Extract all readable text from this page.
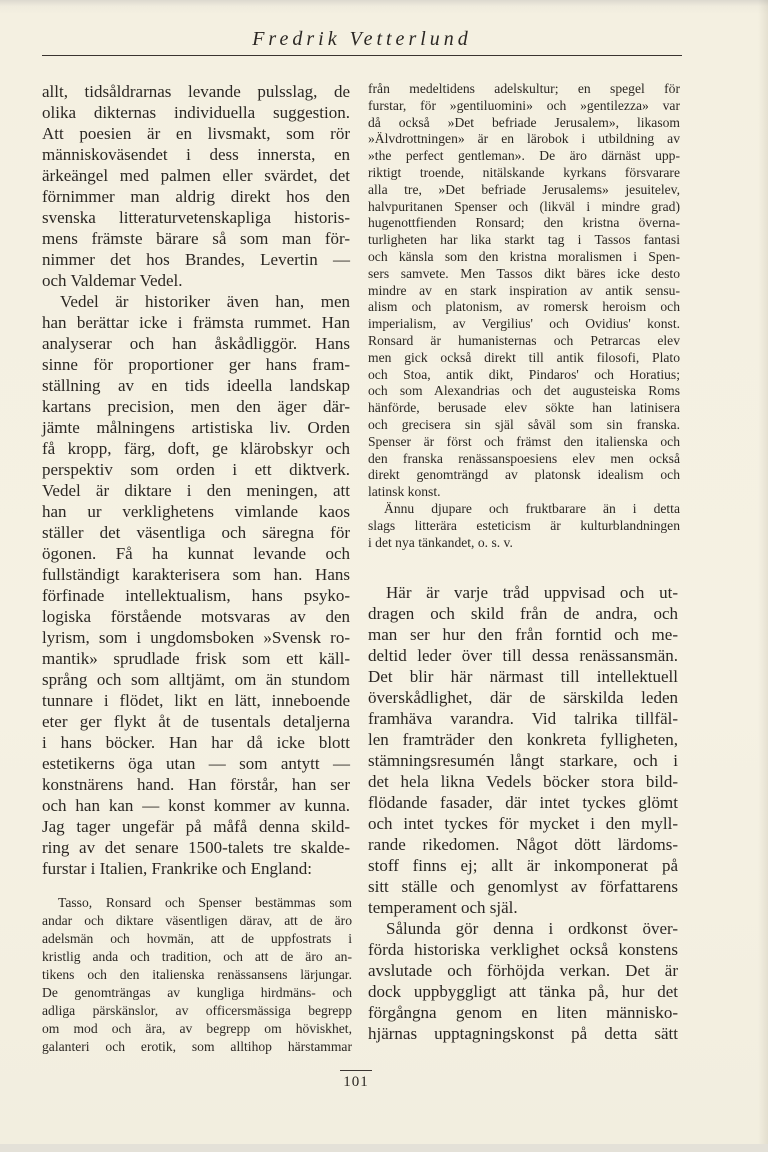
Fredrik Vetterlund
allt, tidsåldrarnas levande pulsslag, de
olika dikternas individuella suggestion.
Att poesien är en livsmakt, som rör
människoväsendet i dess innersta, en
ärkeängel med palmen eller svärdet, det
förnimmer man aldrig direkt hos den
svenska litteraturvetenskapliga historis-
mens främste bärare så som man för-
nimmer det hos Brandes, Levertin —
och Valdemar Vedel.
Vedel är historiker även han, men
han berättar icke i främsta rummet. Han
analyserar och han åskådliggör. Hans
sinne för proportioner ger hans fram-
ställning av en tids ideella landskap
kartans precision, men den äger där-
jämte målningens artistiska liv. Orden
få kropp, färg, doft, ge klärobskyr och
perspektiv som orden i ett diktverk.
Vedel är diktare i den meningen, att
han ur verklighetens vimlande kaos
ställer det väsentliga och säregna för
ögonen. Få ha kunnat levande och
fullständigt karakterisera som han. Hans
förfinade intellektualism, hans psyko-
logiska förstående motsvaras av den
lyrism, som i ungdomsboken »Svensk ro-
mantik» sprudlade frisk som ett käll-
språng och som alltjämt, om än stundom
tunnare i flödet, likt en lätt, inneboende
eter ger flykt åt de tusentals detaljerna
i hans böcker. Han har då icke blott
estetikerns öga utan — som antytt —
konstnärens hand. Han förstår, han ser
och han kan — konst kommer av kunna.
Jag tager ungefär på måfå denna skild-
ring av det senare 1500-talets tre skalde-
furstar i Italien, Frankrike och England:
Tasso, Ronsard och Spenser bestämmas som
andar och diktare väsentligen därav, att de äro
adelsmän och hovmän, att de uppfostrats i
kristlig anda och tradition, och att de äro an-
tikens och den italienska renässansens lärjungar.
De genomträngas av kungliga hirdmäns- och
adliga pärskänslor, av officersmässiga begrepp
om mod och ära, av begrepp om höviskhet,
galanteri och erotik, som alltihop härstammar
från medeltidens adelskultur; en spegel för
furstar, för »gentiluomini» och »gentilezza» var
då också »Det befriade Jerusalem», likasom
»Älvdrottningen» är en lärobok i utbildning av
»the perfect gentleman». De äro därnäst upp-
riktigt troende, nitälskande kyrkans försvarare
alla tre, »Det befriade Jerusalems» jesuitelev,
halvpuritanen Spenser och (likväl i mindre grad)
hugenottfienden Ronsard; den kristna överna-
turligheten har lika starkt tag i Tassos fantasi
och känsla som den kristna moralismen i Spen-
sers samvete. Men Tassos dikt bäres icke desto
mindre av en stark inspiration av antik sensu-
alism och platonism, av romersk heroism och
imperialism, av Vergilius' och Ovidius' konst.
Ronsard är humanisternas och Petrarcas elev
men gick också direkt till antik filosofi, Plato
och Stoa, antik dikt, Pindaros' och Horatius;
och som Alexandrias och det augusteiska Roms
hänförde, berusade elev sökte han latinisera
och grecisera sin själ såväl som sin franska.
Spenser är först och främst den italienska och
den franska renässanspoesiens elev men också
direkt genomträngd av platonsk idealism och
latinsk konst.
Ännu djupare och fruktbarare än i detta
slags litterära esteticism är kulturblandningen
i det nya tänkandet, o. s. v.
Här är varje tråd uppvisad och ut-
dragen och skild från de andra, och
man ser hur den från forntid och me-
deltid leder över till dessa renässansmän.
Det blir här närmast till intellektuell
överskådlighet, där de särskilda leden
framhäva varandra. Vid talrika tillfäl-
len framträder den konkreta fylligheten,
stämningsresumén långt starkare, och i
det hela likna Vedels böcker stora bild-
flödande fasader, där intet tyckes glömt
och intet tyckes för mycket i den myll-
rande rikedomen. Något dött lärdoms-
stoff finns ej; allt är inkomponerat på
sitt ställe och genomlyst av författarens
temperament och själ.
Sålunda gör denna i ordkonst över-
förda historiska verklighet också konstens
avslutade och förhöjda verkan. Det är
dock uppbyggligt att tänka på, hur det
förgångna genom en liten människo-
hjärnas upptagningskonst på detta sätt
101
